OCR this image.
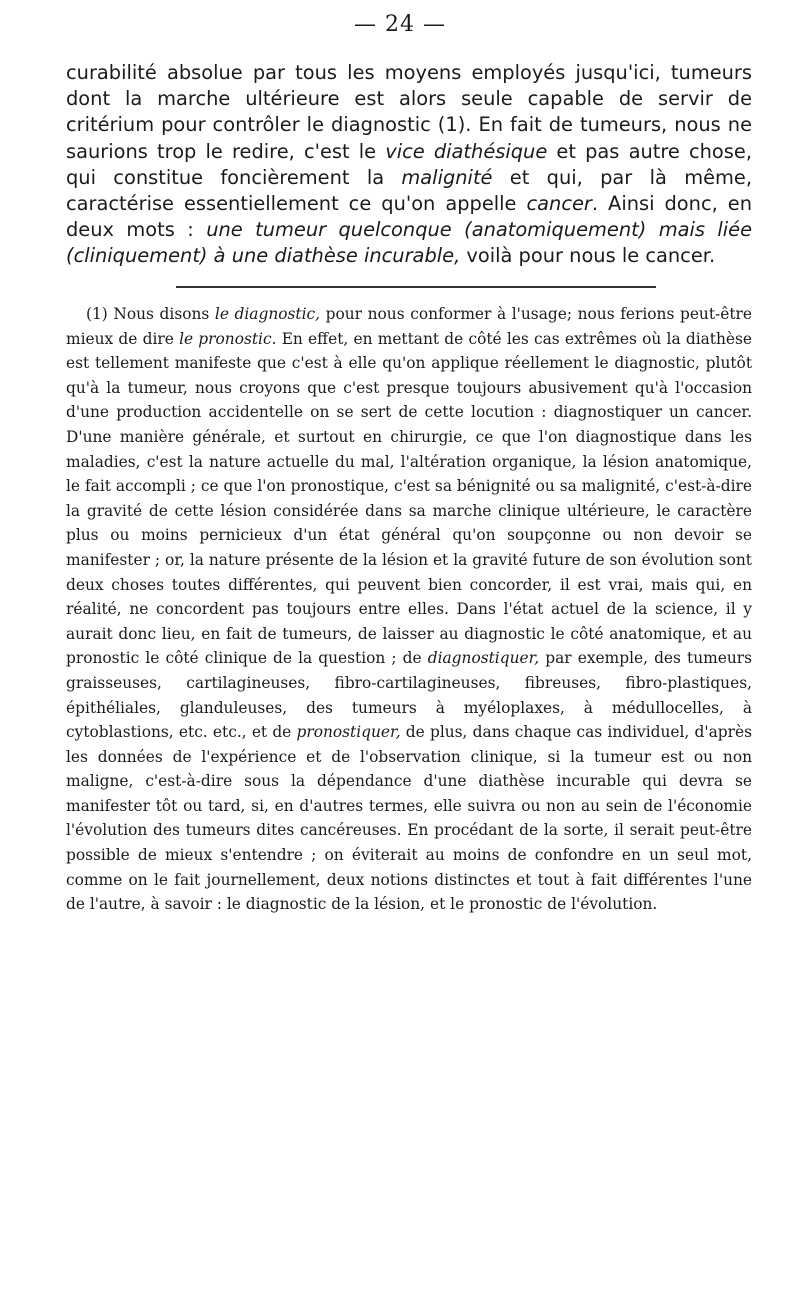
— 24 —

curabilité absolue par tous les moyens employés jusqu'ici, tumeurs dont la marche ultérieure est alors seule capable de servir de critérium pour contrôler le diagnostic (1). En fait de tumeurs, nous ne saurions trop le redire, c'est le vice diathésique et pas autre chose, qui constitue foncièrement la malignité et qui, par là même, caractérise essentiellement ce qu'on appelle cancer. Ainsi donc, en deux mots : une tumeur quelconque (anatomiquement) mais liée (cliniquement) à une diathèse incurable, voilà pour nous le cancer.

(1) Nous disons le diagnostic, pour nous conformer à l'usage; nous ferions peut-être mieux de dire le pronostic. En effet, en mettant de côté les cas extrêmes où la diathèse est tellement manifeste que c'est à elle qu'on applique réellement le diagnostic, plutôt qu'à la tumeur, nous croyons que c'est presque toujours abusivement qu'à l'occasion d'une production accidentelle on se sert de cette locution : diagnostiquer un cancer. D'une manière générale, et surtout en chirurgie, ce que l'on diagnostique dans les maladies, c'est la nature actuelle du mal, l'altération organique, la lésion anatomique, le fait accompli ; ce que l'on pronostique, c'est sa bénignité ou sa malignité, c'est-à-dire la gravité de cette lésion considérée dans sa marche clinique ultérieure, le caractère plus ou moins pernicieux d'un état général qu'on soupçonne ou non devoir se manifester ; or, la nature présente de la lésion et la gravité future de son évolution sont deux choses toutes différentes, qui peuvent bien concorder, il est vrai, mais qui, en réalité, ne concordent pas toujours entre elles. Dans l'état actuel de la science, il y aurait donc lieu, en fait de tumeurs, de laisser au diagnostic le côté anatomique, et au pronostic le côté clinique de la question ; de diagnostiquer, par exemple, des tumeurs graisseuses, cartilagineuses, fibro-cartilagineuses, fibreuses, fibro-plastiques, épithéliales, glanduleuses, des tumeurs à myéloplaxes, à médullocelles, à cytoblastions, etc. etc., et de pronostiquer, de plus, dans chaque cas individuel, d'après les données de l'expérience et de l'observation clinique, si la tumeur est ou non maligne, c'est-à-dire sous la dépendance d'une diathèse incurable qui devra se manifester tôt ou tard, si, en d'autres termes, elle suivra ou non au sein de l'économie l'évolution des tumeurs dites cancéreuses. En procédant de la sorte, il serait peut-être possible de mieux s'entendre ; on éviterait au moins de confondre en un seul mot, comme on le fait journellement, deux notions distinctes et tout à fait différentes l'une de l'autre, à savoir : le diagnostic de la lésion, et le pronostic de l'évolution.
